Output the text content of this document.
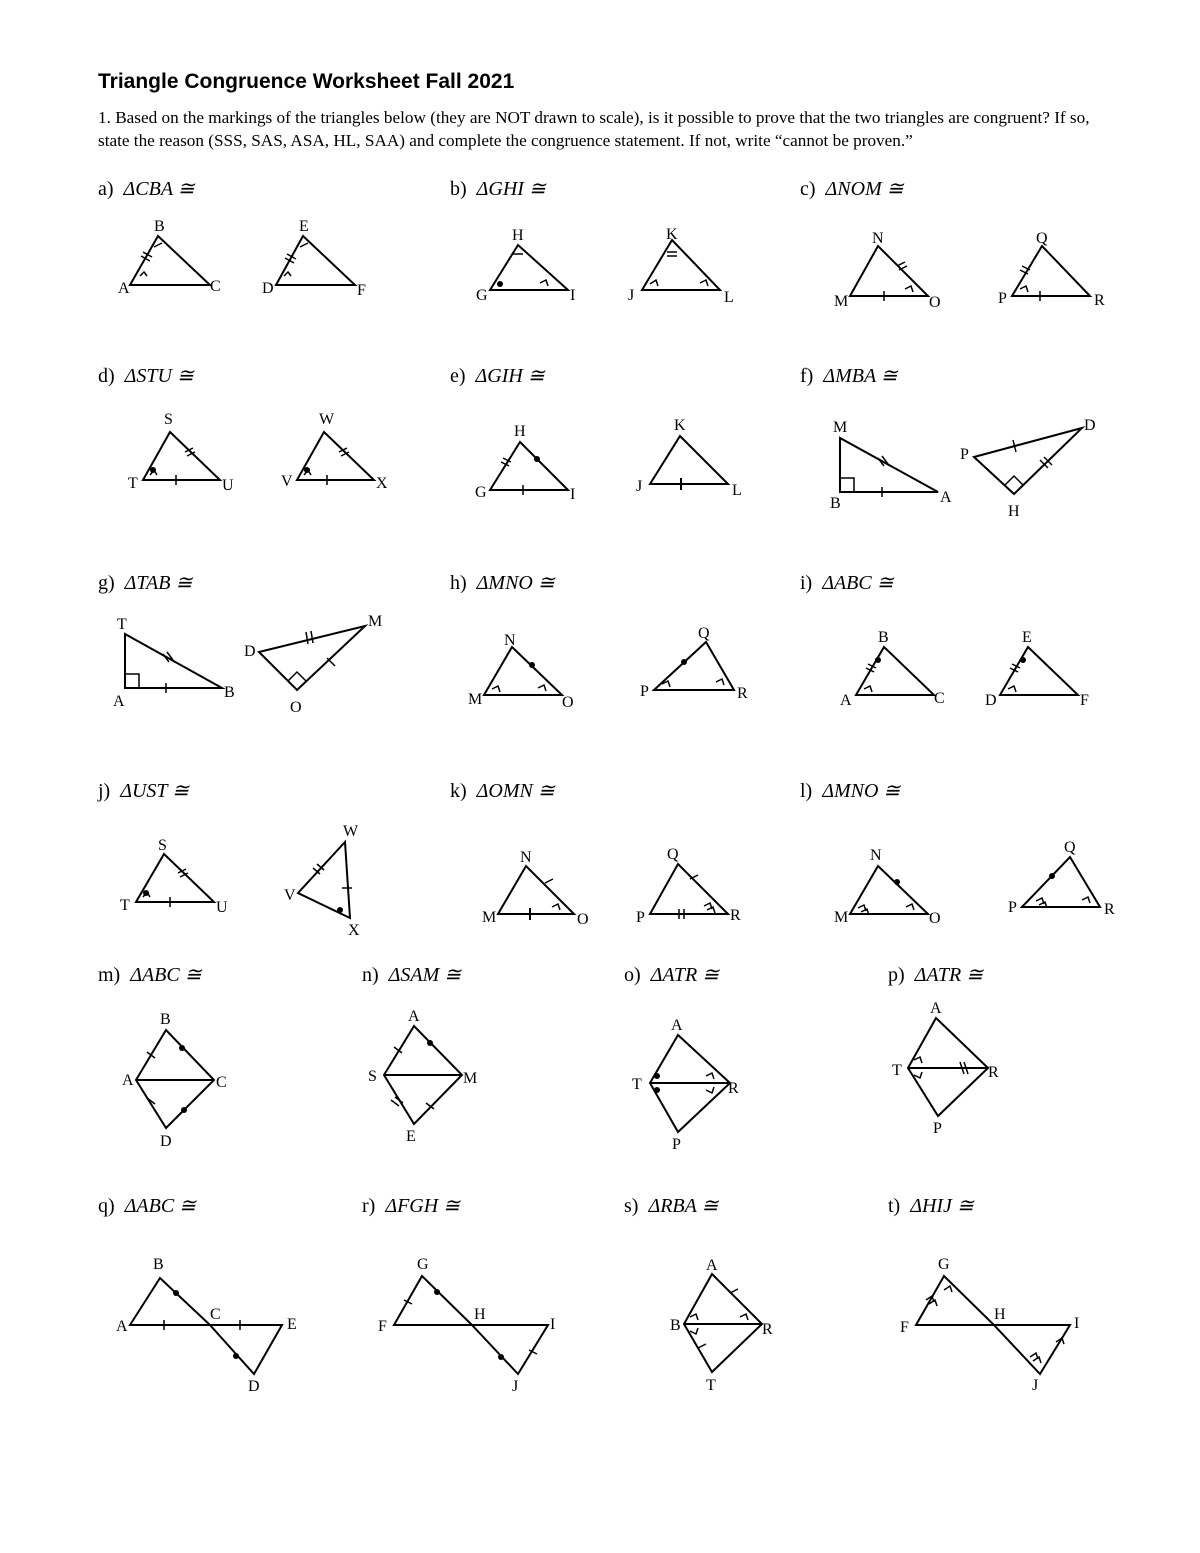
Triangle Congruence Worksheet Fall 2021
1. Based on the markings of the triangles below (they are NOT drawn to scale), is it possible to prove that the two triangles are congruent? If so, state the reason (SSS, SAS, ASA, HL, SAA) and complete the congruence statement. If not, write “cannot be proven.”
a) ΔCBA ≅	b) ΔGHI ≅	c) ΔNOM ≅
d) ΔSTU ≅	e) ΔGIH ≅	f) ΔMBA ≅
g) ΔTAB ≅	h) ΔMNO ≅	i) ΔABC ≅
j) ΔUST ≅	k) ΔOMN ≅	l) ΔMNO ≅
m) ΔABC ≅	n) ΔSAM ≅	o) ΔATR ≅	p) ΔATR ≅
q) ΔABC ≅	r) ΔFGH ≅	s) ΔRBA ≅	t) ΔHIJ ≅
A
B
C	D
E
F	G
H
I	J
K
L	M
N
O	P
Q
R
T
S
U	V
W
X
G
H
I	J
K
L
M
B	A
P
D
H
T
A
B
D
M
O	M
N
O
P
Q
R	A
B
C	D
E
F
T
S
U
V
W
X
M
N
O	P
Q
R	M
N
O
P
Q
R
A
B
C
D
S
A
M
E
A
T	R
P
A
T	R
P
A
B
C
D
E	F
G
H
I
J
A
B	R
T
F
G
H
I
J
